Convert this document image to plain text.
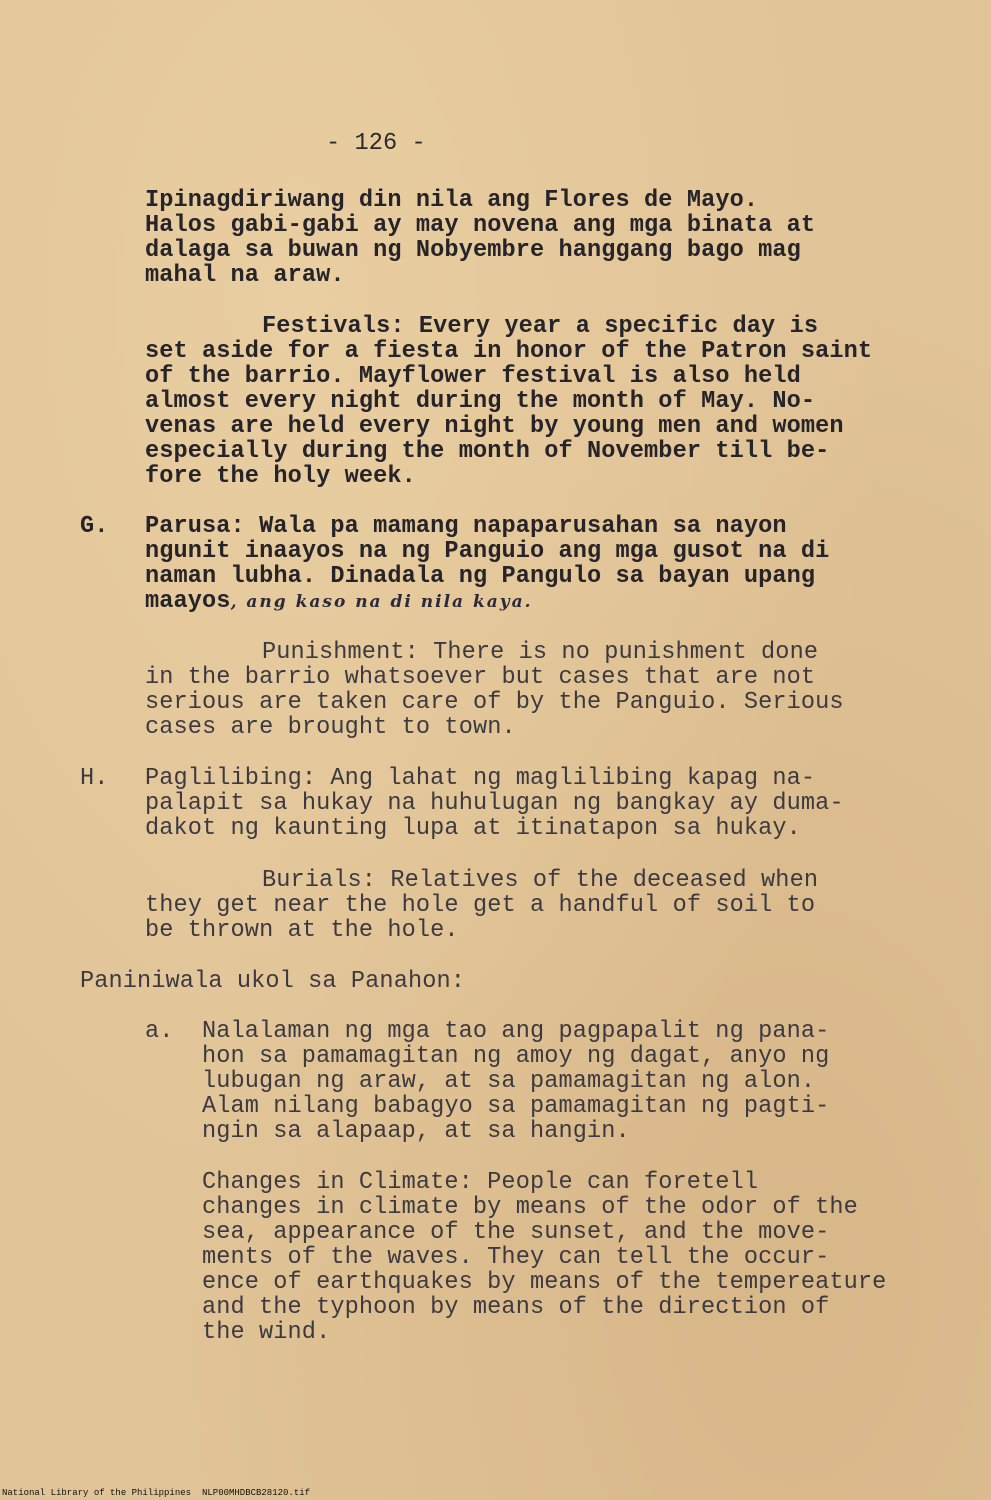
- 126 -
Ipinagdiriwang din nila ang Flores de Mayo.
Halos gabi-gabi ay may novena ang mga binata at
dalaga sa buwan ng Nobyembre hanggang bago mag
mahal na araw.
Festivals: Every year a specific day is
set aside for a fiesta in honor of the Patron saint
of the barrio. Mayflower festival is also held
almost every night during the month of May. No-
venas are held every night by young men and women
especially during the month of November till be-
fore the holy week.
G. Parusa: Wala pa mamang napaparusahan sa nayon
ngunit inaayos na ng Panguio ang mga gusot na di
naman lubha. Dinadala ng Pangulo sa bayan upang
maayos, ang kaso na di nila kaya.
Punishment: There is no punishment done
in the barrio whatsoever but cases that are not
serious are taken care of by the Panguio. Serious
cases are brought to town.
H. Paglilibing: Ang lahat ng maglilibing kapag na-
palapit sa hukay na huhulugan ng bangkay ay duma-
dakot ng kaunting lupa at itinatapon sa hukay.
Burials: Relatives of the deceased when
they get near the hole get a handful of soil to
be thrown at the hole.
Paniniwala ukol sa Panahon:
a. Nalalaman ng mga tao ang pagpapalit ng pana-
hon sa pamamagitan ng amoy ng dagat, anyo ng
lubugan ng araw, at sa pamamagitan ng alon.
Alam nilang babagyo sa pamamagitan ng pagti-
ngin sa alapaap, at sa hangin.
Changes in Climate: People can foretell
changes in climate by means of the odor of the
sea, appearance of the sunset, and the move-
ments of the waves. They can tell the occur-
ence of earthquakes by means of the tempereature
and the typhoon by means of the direction of
the wind.
National Library of the Philippines NLP00MHDBCB28120.tif
